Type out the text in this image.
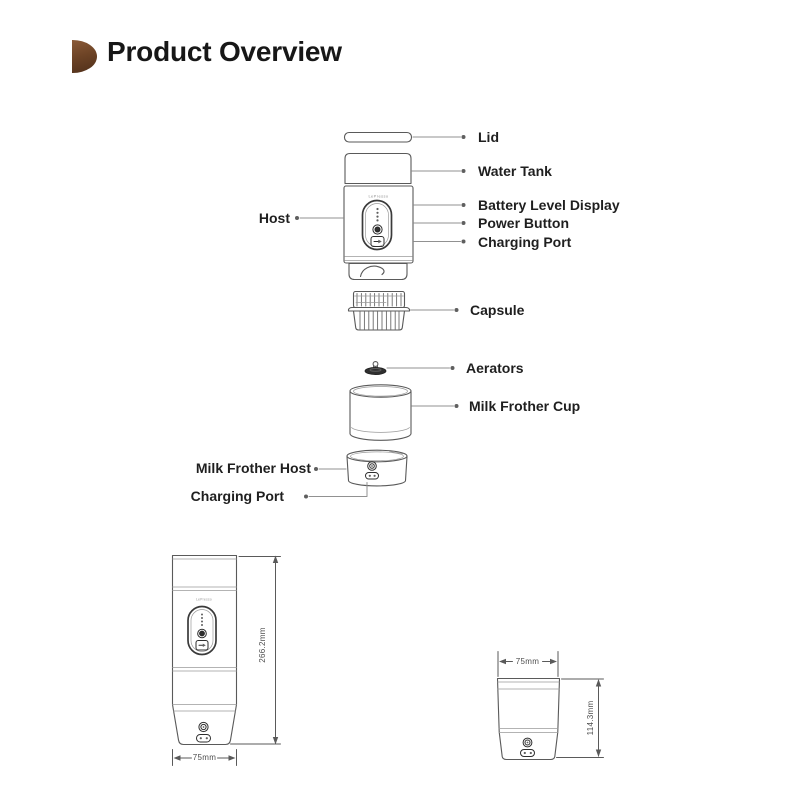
Product Overview
LePresso
LePresso
Lid
Water Tank
Battery Level Display
Power Button
Charging Port
Capsule
Aerators
Milk Frother Cup
Host
Milk Frother Host
Charging Port
266.2mm
75mm
75mm
114.3mm
